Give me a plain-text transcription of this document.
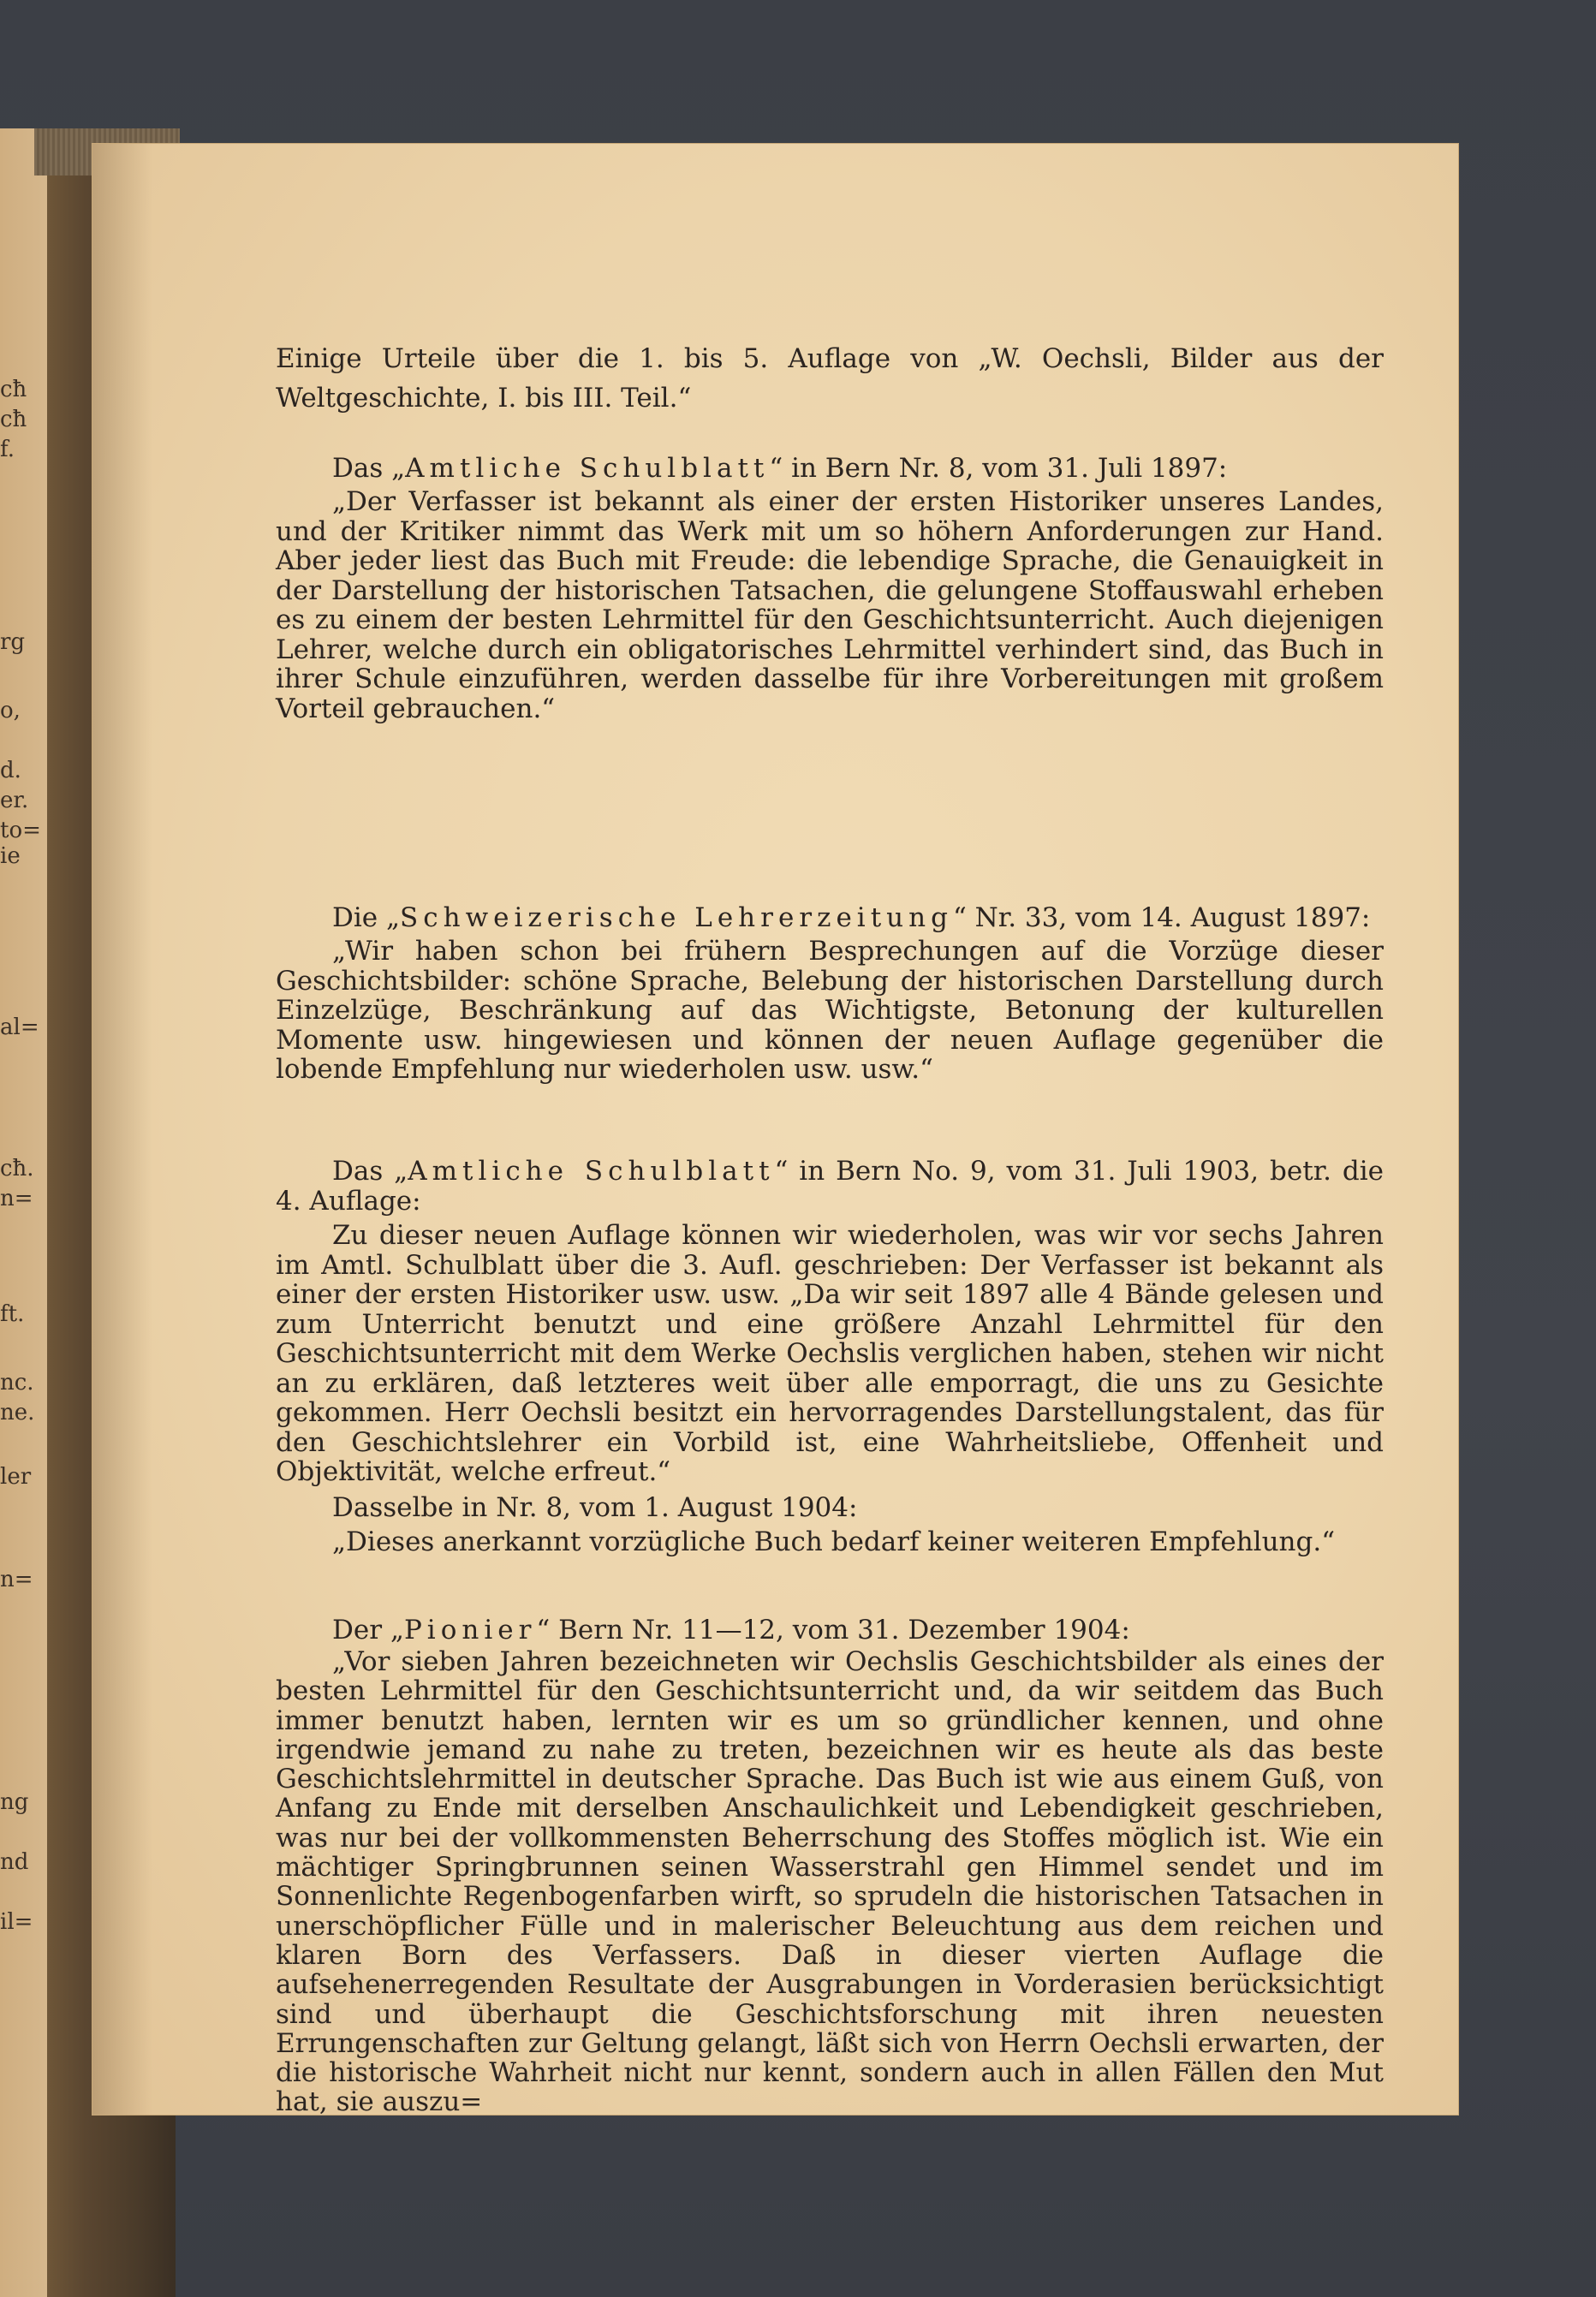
cħ
cħ
f.
rg
o,
d.
er.
to=
ie
al=
cħ.
n=
ft.
nc.
ne.
ler
n=
ng
nd
il=

Einige Urteile über die 1. bis 5. Auflage von „W. Oechsli, Bilder aus der Weltgeschichte, I. bis III. Teil.“

Das „Amtliche Schulblatt“ in Bern Nr. 8, vom 31. Juli 1897:

„Der Verfasser ist bekannt als einer der ersten Historiker unseres Landes, und der Kritiker nimmt das Werk mit um so höhern Anforderungen zur Hand. Aber jeder liest das Buch mit Freude: die lebendige Sprache, die Genauigkeit in der Darstellung der historischen Tatsachen, die gelungene Stoffauswahl erheben es zu einem der besten Lehrmittel für den Geschichtsunterricht. Auch diejenigen Lehrer, welche durch ein obligatorisches Lehrmittel verhindert sind, das Buch in ihrer Schule einzuführen, werden dasselbe für ihre Vorbereitungen mit großem Vorteil gebrauchen.“

Die „Schweizerische Lehrerzeitung“ Nr. 33, vom 14. August 1897:

„Wir haben schon bei frühern Besprechungen auf die Vorzüge dieser Geschichtsbilder: schöne Sprache, Belebung der historischen Darstellung durch Einzelzüge, Beschränkung auf das Wichtigste, Betonung der kulturellen Momente usw. hingewiesen und können der neuen Auflage gegenüber die lobende Empfehlung nur wiederholen usw. usw.“

Das „Amtliche Schulblatt“ in Bern No. 9, vom 31. Juli 1903, betr. die 4. Auflage:

Zu dieser neuen Auflage können wir wiederholen, was wir vor sechs Jahren im Amtl. Schulblatt über die 3. Aufl. geschrieben: Der Verfasser ist bekannt als einer der ersten Historiker usw. usw. „Da wir seit 1897 alle 4 Bände gelesen und zum Unterricht benutzt und eine größere Anzahl Lehrmittel für den Geschichtsunterricht mit dem Werke Oechslis verglichen haben, stehen wir nicht an zu erklären, daß letzteres weit über alle emporragt, die uns zu Gesichte gekommen. Herr Oechsli besitzt ein hervorragendes Darstellungstalent, das für den Geschichtslehrer ein Vorbild ist, eine Wahrheitsliebe, Offenheit und Objektivität, welche erfreut.“

Dasselbe in Nr. 8, vom 1. August 1904:

„Dieses anerkannt vorzügliche Buch bedarf keiner weiteren Empfehlung.“

Der „Pionier“ Bern Nr. 11—12, vom 31. Dezember 1904:

„Vor sieben Jahren bezeichneten wir Oechslis Geschichtsbilder als eines der besten Lehrmittel für den Geschichtsunterricht und, da wir seitdem das Buch immer benutzt haben, lernten wir es um so gründlicher kennen, und ohne irgendwie jemand zu nahe zu treten, bezeichnen wir es heute als das beste Geschichtslehrmittel in deutscher Sprache. Das Buch ist wie aus einem Guß, von Anfang zu Ende mit derselben Anschaulichkeit und Lebendigkeit geschrieben, was nur bei der vollkommensten Beherrschung des Stoffes möglich ist. Wie ein mächtiger Springbrunnen seinen Wasserstrahl gen Himmel sendet und im Sonnenlichte Regenbogenfarben wirft, so sprudeln die historischen Tatsachen in unerschöpflicher Fülle und in malerischer Beleuchtung aus dem reichen und klaren Born des Verfassers. Daß in dieser vierten Auflage die aufsehenerregenden Resultate der Ausgrabungen in Vorderasien berücksichtigt sind und überhaupt die Geschichtsforschung mit ihren neuesten Errungenschaften zur Geltung gelangt, läßt sich von Herrn Oechsli erwarten, der die historische Wahrheit nicht nur kennt, sondern auch in allen Fällen den Mut hat, sie auszu=
